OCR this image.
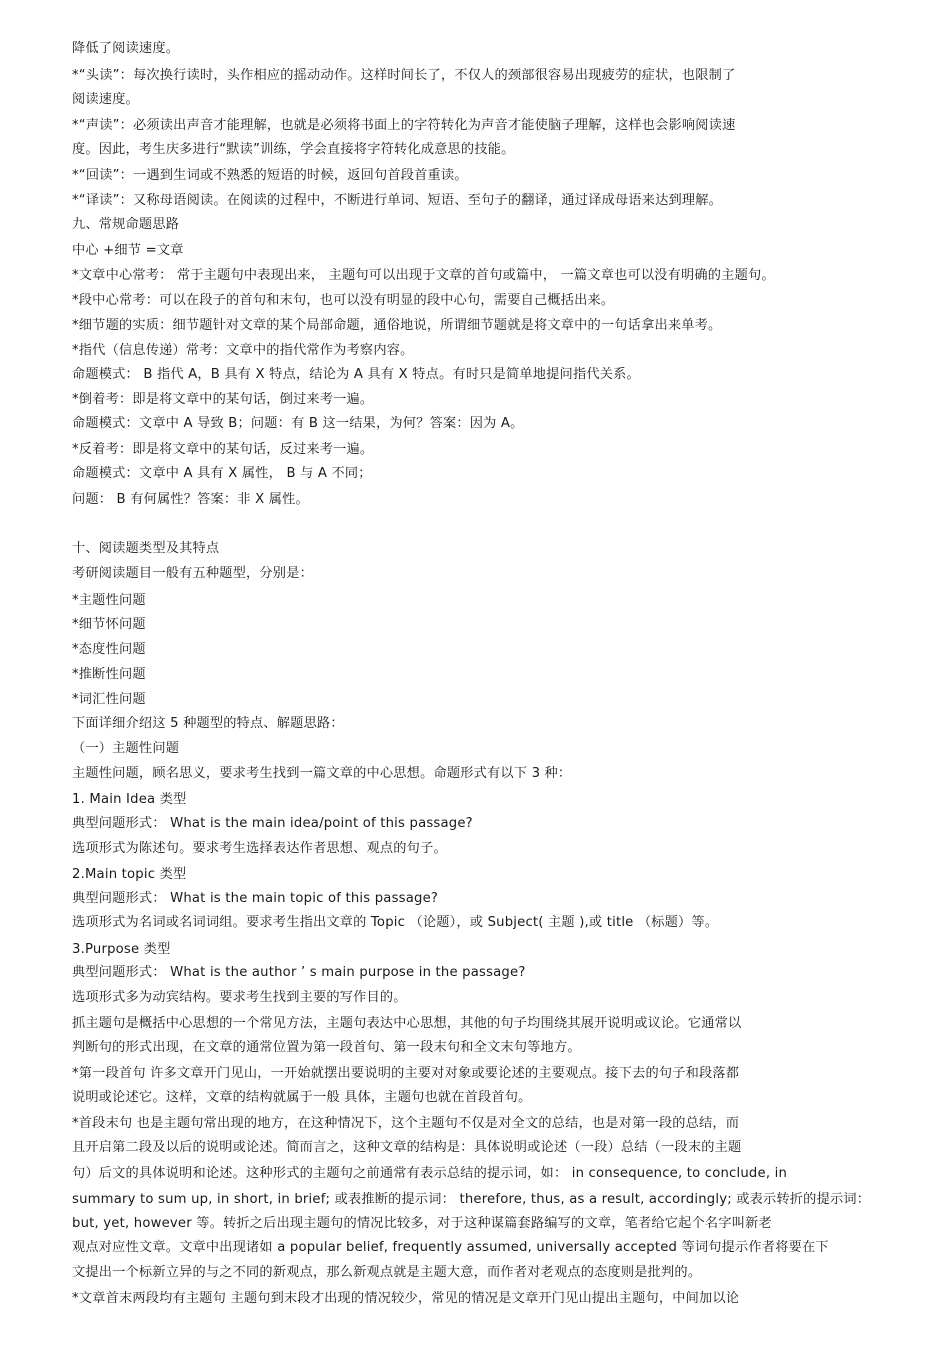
降低了阅读速度。
*“头读”：每次换行读时，头作相应的摇动动作。这样时间长了，不仅人的颈部很容易出现疲劳的症状，也限制了
阅读速度。
*“声读”：必须读出声音才能理解，也就是必须将书面上的字符转化为声音才能使脑子理解，这样也会影响阅读速
度。因此，考生庆多进行“默读”训练，学会直接将字符转化成意思的技能。
*“回读”：一遇到生词或不熟悉的短语的时候，返回句首段首重读。
*“译读”：又称母语阅读。在阅读的过程中，不断进行单词、短语、至句子的翻译，通过译成母语来达到理解。
九、常规命题思路
中心 +细节 =文章
*文章中心常考： 常于主题句中表现出来， 主题句可以出现于文章的首句或篇中， 一篇文章也可以没有明确的主题句。
*段中心常考：可以在段子的首句和末句，也可以没有明显的段中心句，需要自己概括出来。
*细节题的实质：细节题针对文章的某个局部命题，通俗地说，所谓细节题就是将文章中的一句话拿出来单考。
*指代（信息传递）常考：文章中的指代常作为考察内容。
命题模式： B 指代 A，B 具有 X 特点，结论为 A 具有 X 特点。有时只是简单地提问指代关系。
*倒着考：即是将文章中的某句话，倒过来考一遍。
命题模式：文章中 A 导致 B；问题：有 B 这一结果，为何？答案：因为 A。
*反着考：即是将文章中的某句话，反过来考一遍。
命题模式：文章中 A 具有 X 属性， B 与 A 不同；
问题： B 有何属性？答案：非 X 属性。
十、阅读题类型及其特点
考研阅读题目一般有五种题型，分别是：
*主题性问题
*细节怀问题
*态度性问题
*推断性问题
*词汇性问题
下面详细介绍这 5 种题型的特点、解题思路：
（一）主题性问题
主题性问题，顾名思义，要求考生找到一篇文章的中心思想。命题形式有以下 3 种：
1. Main Idea 类型
典型问题形式： What is the main idea/point of this passage?
选项形式为陈述句。要求考生选择表达作者思想、观点的句子。
2.Main topic 类型
典型问题形式： What is the main topic of this passage?
选项形式为名词或名词词组。要求考生指出文章的 Topic （论题），或 Subject( 主题 ),或 title （标题）等。
3.Purpose 类型
典型问题形式： What is the author ’ s main purpose in the passage?
选项形式多为动宾结构。要求考生找到主要的写作目的。
抓主题句是概括中心思想的一个常见方法，主题句表达中心思想，其他的句子均围绕其展开说明或议论。它通常以
判断句的形式出现，在文章的通常位置为第一段首句、第一段末句和全文末句等地方。
*第一段首句 许多文章开门见山，一开始就摆出要说明的主要对对象或要论述的主要观点。接下去的句子和段落都
说明或论述它。这样，文章的结构就属于一般 具体，主题句也就在首段首句。
*首段末句 也是主题句常出现的地方，在这种情况下，这个主题句不仅是对全文的总结，也是对第一段的总结，而
且开启第二段及以后的说明或论述。简而言之，这种文章的结构是：具体说明或论述（一段）总结（一段末的主题
句）后文的具体说明和论述。这种形式的主题句之前通常有表示总结的提示词，如： in consequence, to conclude, in
summary to sum up, in short, in brief; 或表推断的提示词： therefore, thus, as a result, accordingly; 或表示转折的提示词：
but, yet, however 等。转折之后出现主题句的情况比较多，对于这种谋篇套路编写的文章，笔者给它起个名字叫新老
观点对应性文章。文章中出现诸如 a popular belief, frequently assumed, universally accepted 等词句提示作者将要在下
文提出一个标新立异的与之不同的新观点，那么新观点就是主题大意，而作者对老观点的态度则是批判的。
*文章首末两段均有主题句 主题句到末段才出现的情况较少，常见的情况是文章开门见山提出主题句，中间加以论
